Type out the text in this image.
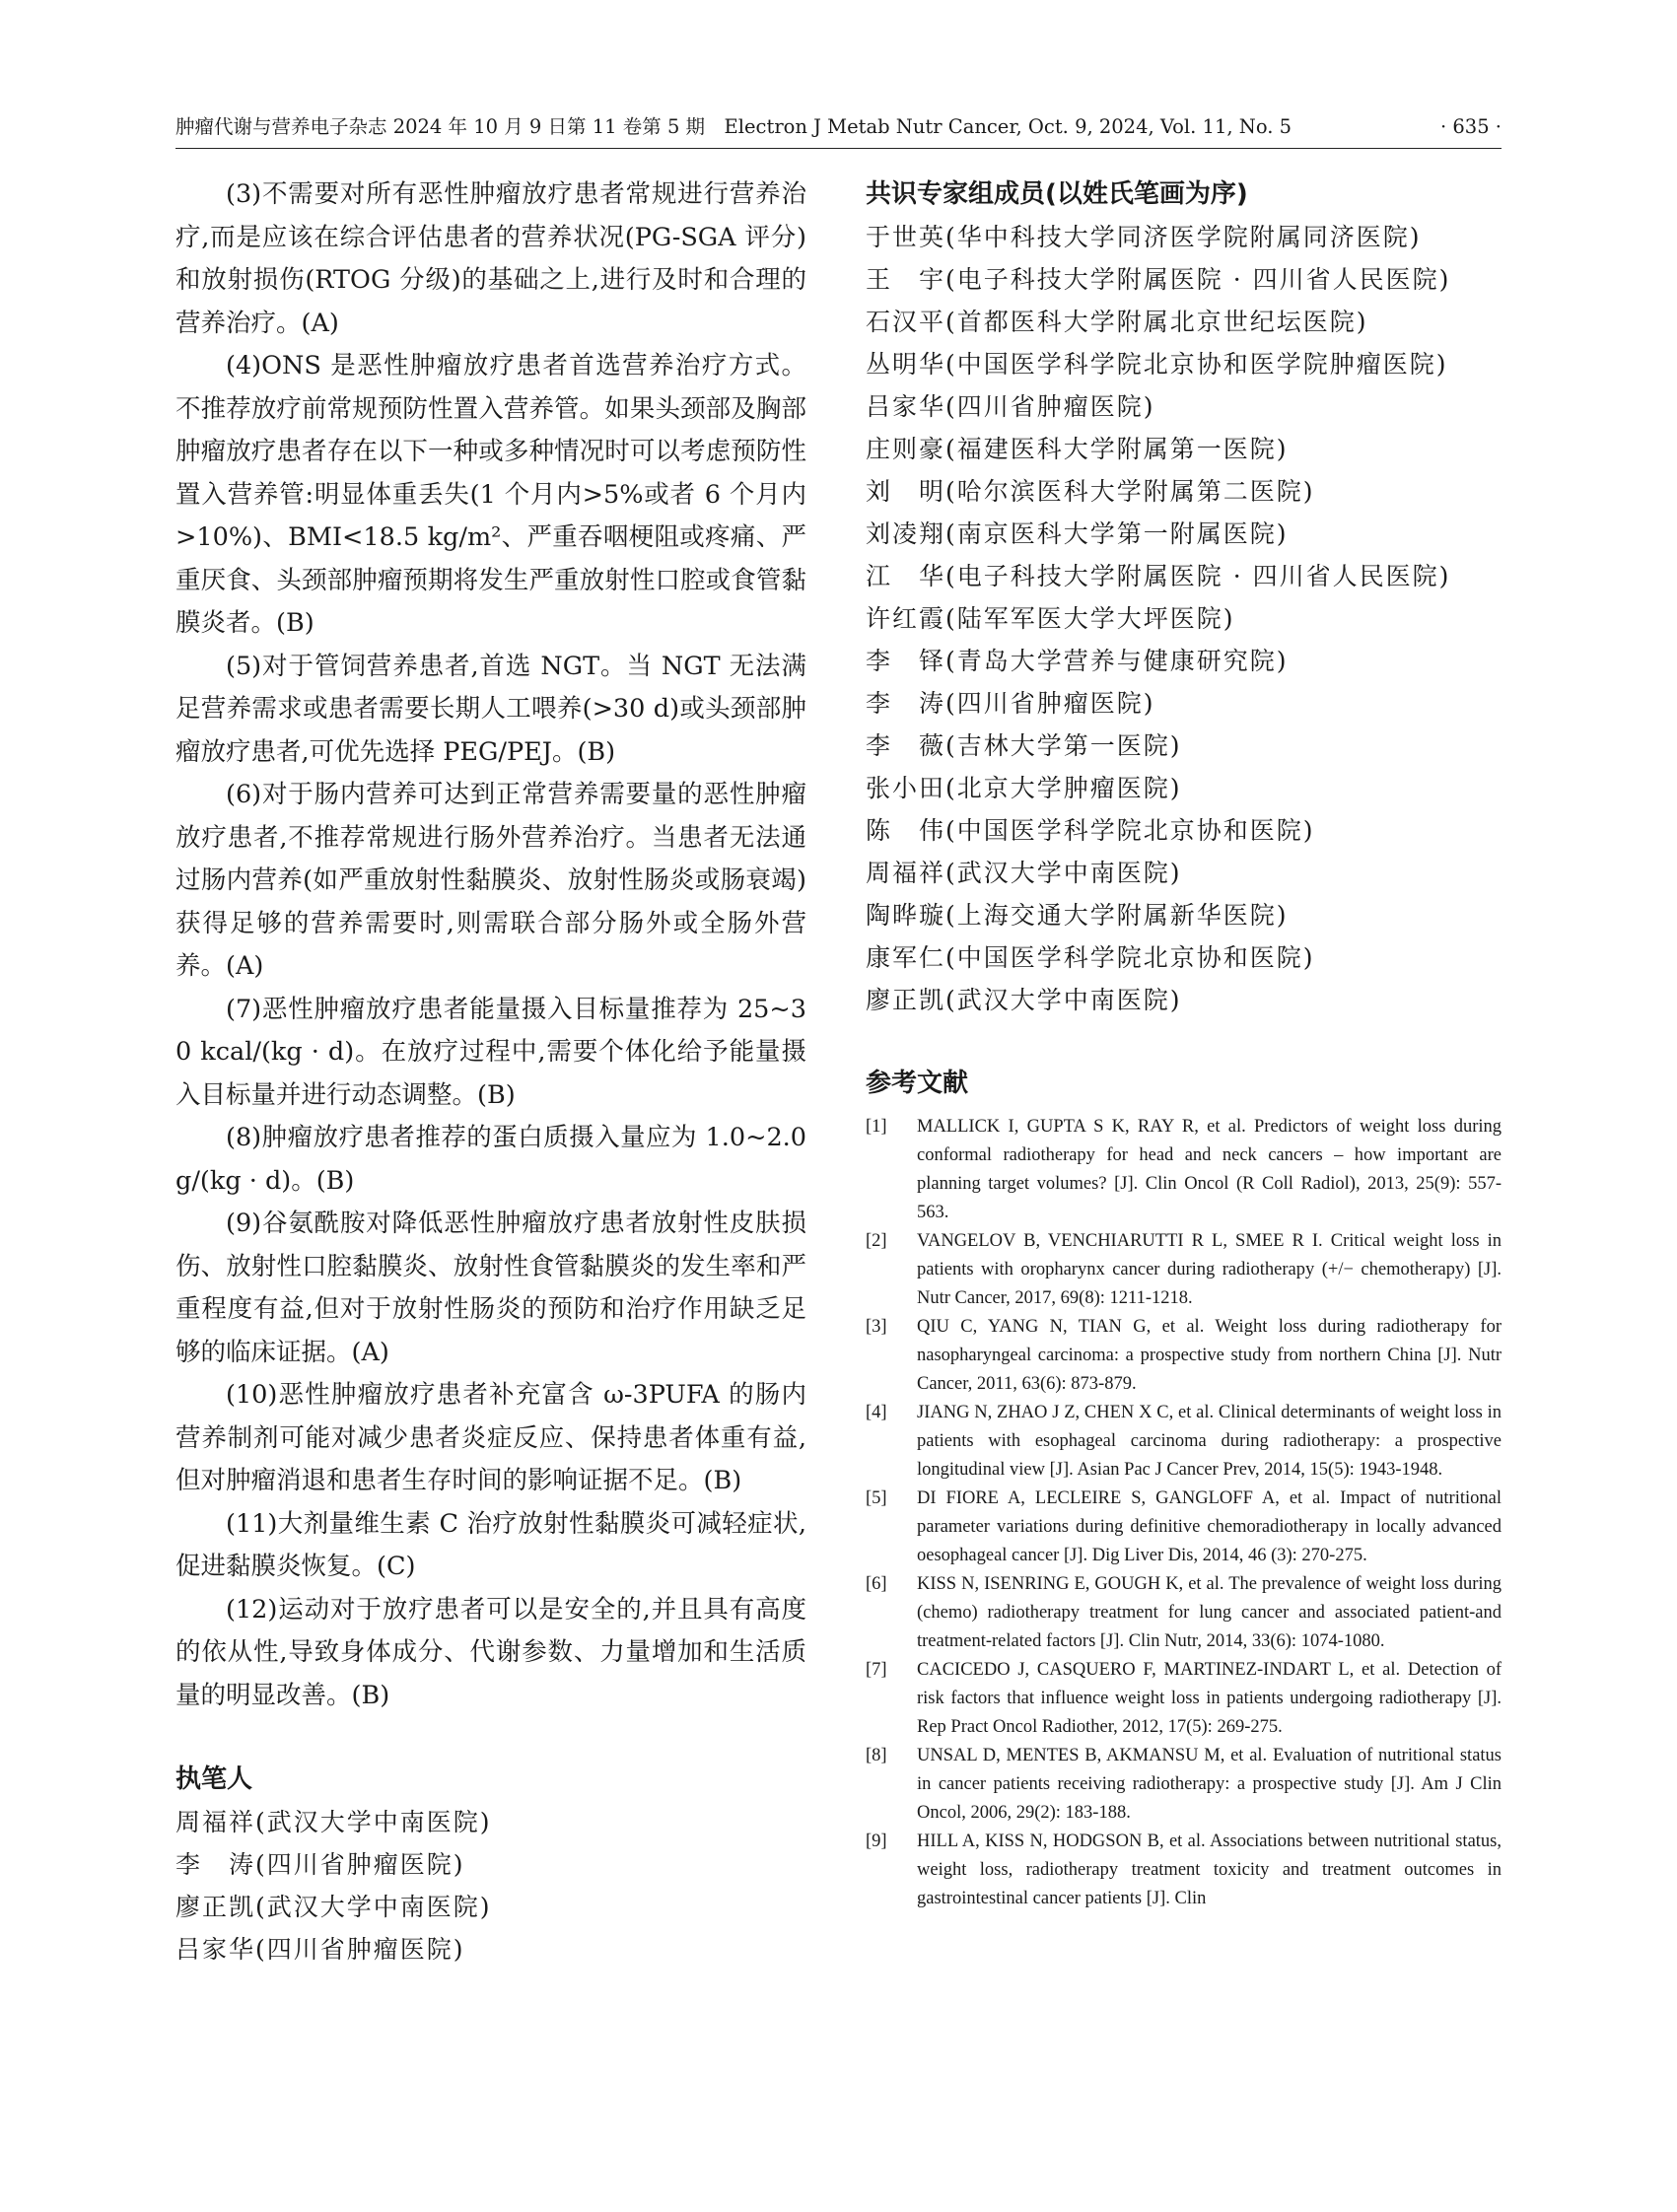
肿瘤代谢与营养电子杂志 2024 年 10 月 9 日第 11 卷第 5 期　Electron J Metab Nutr Cancer, Oct. 9, 2024, Vol. 11, No. 5	· 635 ·

(3)不需要对所有恶性肿瘤放疗患者常规进行营养治疗,而是应该在综合评估患者的营养状况(PG-SGA 评分)和放射损伤(RTOG 分级)的基础之上,进行及时和合理的营养治疗。(A)

(4)ONS 是恶性肿瘤放疗患者首选营养治疗方式。不推荐放疗前常规预防性置入营养管。如果头颈部及胸部肿瘤放疗患者存在以下一种或多种情况时可以考虑预防性置入营养管:明显体重丢失(1 个月内>5%或者 6 个月内>10%)、BMI<18.5 kg/m²、严重吞咽梗阻或疼痛、严重厌食、头颈部肿瘤预期将发生严重放射性口腔或食管黏膜炎者。(B)

(5)对于管饲营养患者,首选 NGT。当 NGT 无法满足营养需求或患者需要长期人工喂养(>30 d)或头颈部肿瘤放疗患者,可优先选择 PEG/PEJ。(B)

(6)对于肠内营养可达到正常营养需要量的恶性肿瘤放疗患者,不推荐常规进行肠外营养治疗。当患者无法通过肠内营养(如严重放射性黏膜炎、放射性肠炎或肠衰竭)获得足够的营养需要时,则需联合部分肠外或全肠外营养。(A)

(7)恶性肿瘤放疗患者能量摄入目标量推荐为 25~30 kcal/(kg · d)。在放疗过程中,需要个体化给予能量摄入目标量并进行动态调整。(B)

(8)肿瘤放疗患者推荐的蛋白质摄入量应为 1.0~2.0 g/(kg · d)。(B)

(9)谷氨酰胺对降低恶性肿瘤放疗患者放射性皮肤损伤、放射性口腔黏膜炎、放射性食管黏膜炎的发生率和严重程度有益,但对于放射性肠炎的预防和治疗作用缺乏足够的临床证据。(A)

(10)恶性肿瘤放疗患者补充富含 ω-3PUFA 的肠内营养制剂可能对减少患者炎症反应、保持患者体重有益,但对肿瘤消退和患者生存时间的影响证据不足。(B)

(11)大剂量维生素 C 治疗放射性黏膜炎可减轻症状,促进黏膜炎恢复。(C)

(12)运动对于放疗患者可以是安全的,并且具有高度的依从性,导致身体成分、代谢参数、力量增加和生活质量的明显改善。(B)

执笔人

周福祥(武汉大学中南医院)

李　涛(四川省肿瘤医院)

廖正凯(武汉大学中南医院)

吕家华(四川省肿瘤医院)

共识专家组成员(以姓氏笔画为序)

于世英(华中科技大学同济医学院附属同济医院)

王　宇(电子科技大学附属医院 · 四川省人民医院)

石汉平(首都医科大学附属北京世纪坛医院)

丛明华(中国医学科学院北京协和医学院肿瘤医院)

吕家华(四川省肿瘤医院)

庄则豪(福建医科大学附属第一医院)

刘　明(哈尔滨医科大学附属第二医院)

刘凌翔(南京医科大学第一附属医院)

江　华(电子科技大学附属医院 · 四川省人民医院)

许红霞(陆军军医大学大坪医院)

李　铎(青岛大学营养与健康研究院)

李　涛(四川省肿瘤医院)

李　薇(吉林大学第一医院)

张小田(北京大学肿瘤医院)

陈　伟(中国医学科学院北京协和医院)

周福祥(武汉大学中南医院)

陶晔璇(上海交通大学附属新华医院)

康军仁(中国医学科学院北京协和医院)

廖正凯(武汉大学中南医院)

参考文献

[1] MALLICK I, GUPTA S K, RAY R, et al. Predictors of weight loss during conformal radiotherapy for head and neck cancers – how important are planning target volumes? [J]. Clin Oncol (R Coll Radiol), 2013, 25(9): 557-563.

[2] VANGELOV B, VENCHIARUTTI R L, SMEE R I. Critical weight loss in patients with oropharynx cancer during radiotherapy (+/− chemotherapy) [J]. Nutr Cancer, 2017, 69(8): 1211-1218.

[3] QIU C, YANG N, TIAN G, et al. Weight loss during radiotherapy for nasopharyngeal carcinoma: a prospective study from northern China [J]. Nutr Cancer, 2011, 63(6): 873-879.

[4] JIANG N, ZHAO J Z, CHEN X C, et al. Clinical determinants of weight loss in patients with esophageal carcinoma during radiotherapy: a prospective longitudinal view [J]. Asian Pac J Cancer Prev, 2014, 15(5): 1943-1948.

[5] DI FIORE A, LECLEIRE S, GANGLOFF A, et al. Impact of nutritional parameter variations during definitive chemoradiotherapy in locally advanced oesophageal cancer [J]. Dig Liver Dis, 2014, 46 (3): 270-275.

[6] KISS N, ISENRING E, GOUGH K, et al. The prevalence of weight loss during (chemo) radiotherapy treatment for lung cancer and associated patient-and treatment-related factors [J]. Clin Nutr, 2014, 33(6): 1074-1080.

[7] CACICEDO J, CASQUERO F, MARTINEZ-INDART L, et al. Detection of risk factors that influence weight loss in patients undergoing radiotherapy [J]. Rep Pract Oncol Radiother, 2012, 17(5): 269-275.

[8] UNSAL D, MENTES B, AKMANSU M, et al. Evaluation of nutritional status in cancer patients receiving radiotherapy: a prospective study [J]. Am J Clin Oncol, 2006, 29(2): 183-188.

[9] HILL A, KISS N, HODGSON B, et al. Associations between nutritional status, weight loss, radiotherapy treatment toxicity and treatment outcomes in gastrointestinal cancer patients [J]. Clin
